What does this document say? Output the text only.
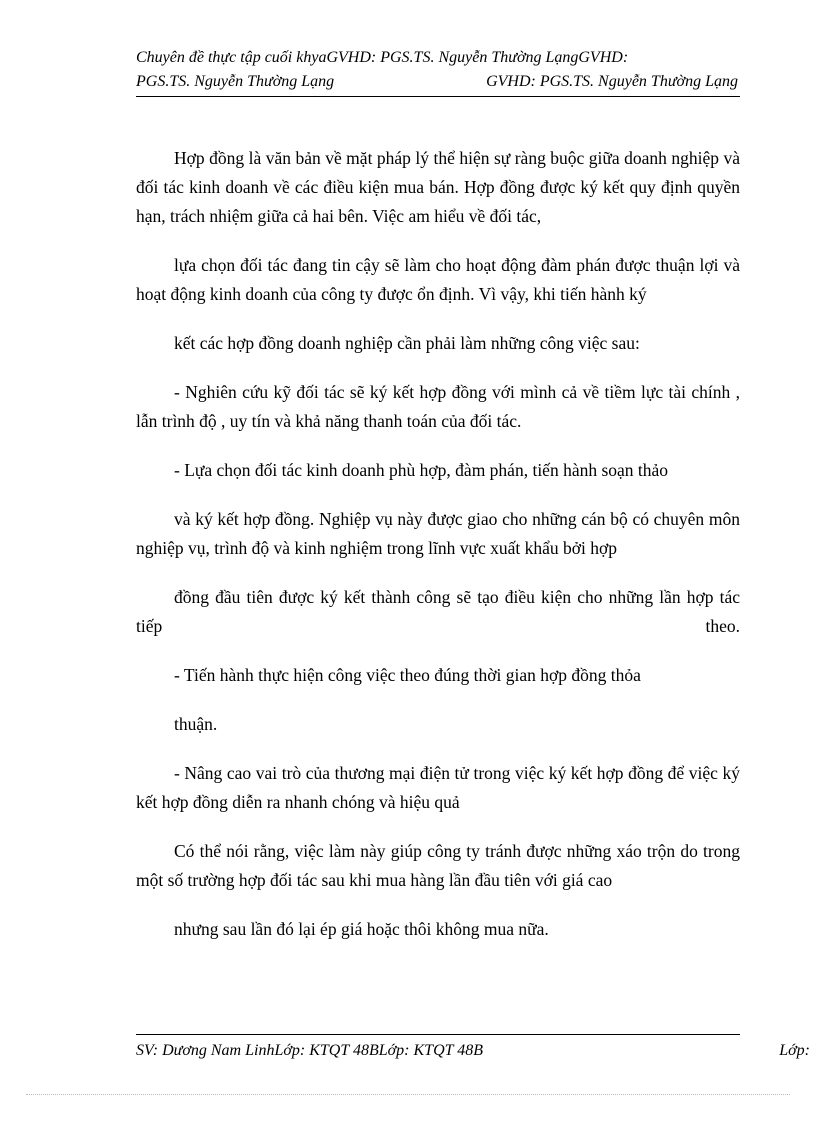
Chuyên đề thực tập cuối khyaGVHD: PGS.TS. Nguyễn Thường LạngGVHD:
PGS.TS. Nguyễn Thường Lạng	GVHD: PGS.TS. Nguyễn Thường Lạng

Hợp đồng là văn bản về mặt pháp lý thể hiện sự ràng buộc giữa doanh nghiệp và đối tác kinh doanh về các điều kiện mua bán. Hợp đồng được ký kết quy định quyền hạn, trách nhiệm giữa cả hai bên. Việc am hiểu về đối tác,

lựa chọn đối tác đang tin cậy sẽ làm cho hoạt động đàm phán được thuận lợi và hoạt động kinh doanh của công ty được ổn định. Vì vậy, khi tiến hành ký

kết các hợp đồng doanh nghiệp cần phải làm những công việc sau:

- Nghiên cứu kỹ đối tác sẽ ký kết hợp đồng với mình cả về tiềm lực tài chính , lẫn trình độ , uy tín và khả năng thanh toán của đối tác.

- Lựa chọn đối tác kinh doanh phù hợp, đàm phán, tiến hành soạn thảo

và ký kết hợp đồng. Nghiệp vụ này được giao cho những cán bộ có chuyên môn nghiệp vụ, trình độ và kinh nghiệm trong lĩnh vực xuất khẩu bởi hợp

đồng đầu tiên được ký kết thành công sẽ tạo điều kiện cho những lần hợp tác tiếp theo.

- Tiến hành thực hiện công việc theo đúng thời gian hợp đồng thỏa

thuận.

- Nâng cao vai trò của thương mại điện tử trong việc ký kết hợp đồng để việc ký kết hợp đồng diễn ra nhanh chóng và hiệu quả

Có thể nói rằng, việc làm này giúp công ty tránh được những xáo trộn do trong một số trường hợp đối tác sau khi mua hàng lần đầu tiên với giá cao

nhưng sau lần đó lại ép giá hoặc thôi không mua nữa.

SV: Dương Nam LinhLớp: KTQT 48BLớp: KTQT 48B	Lớp:
